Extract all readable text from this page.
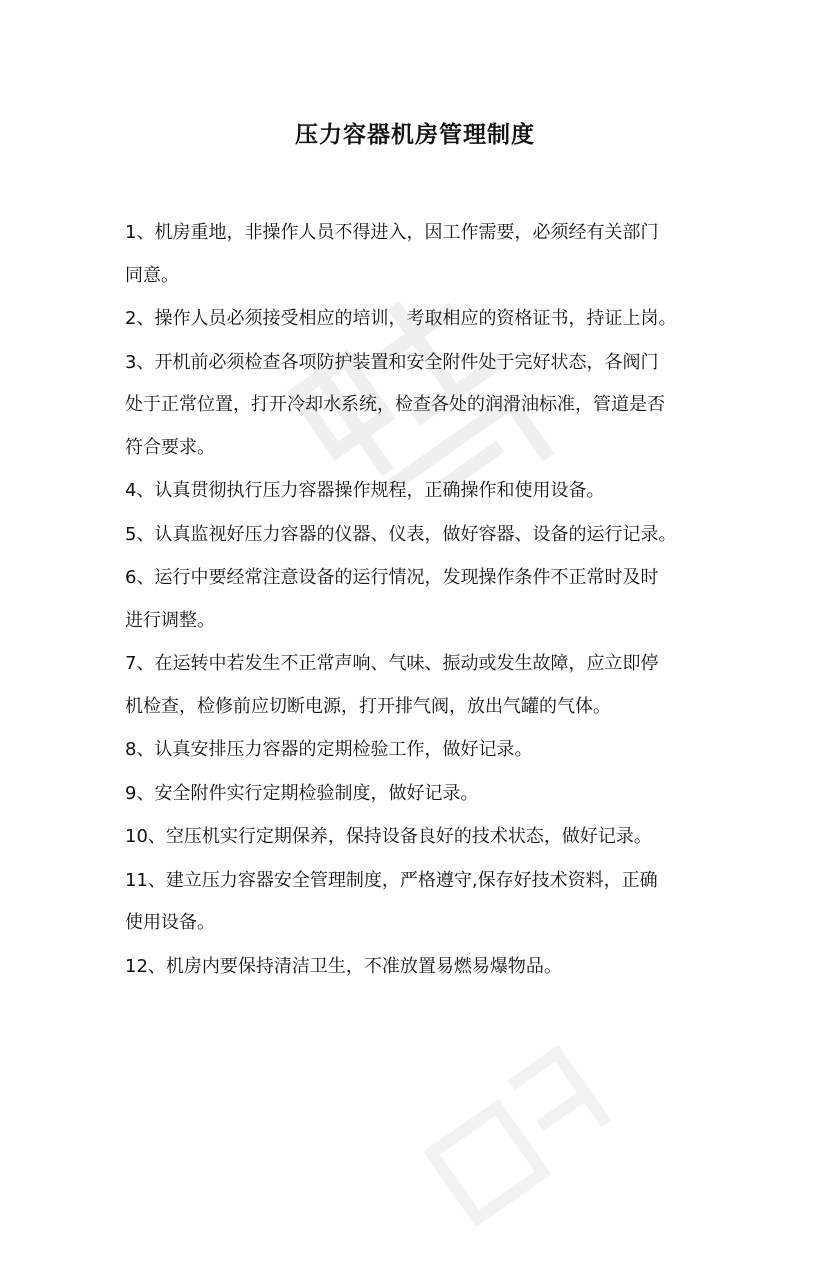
压力容器机房管理制度
1、机房重地，非操作人员不得进入，因工作需要，必须经有关部门
同意。
2、操作人员必须接受相应的培训，考取相应的资格证书，持证上岗。
3、开机前必须检查各项防护装置和安全附件处于完好状态，各阀门
处于正常位置，打开冷却水系统，检查各处的润滑油标准，管道是否
符合要求。
4、认真贯彻执行压力容器操作规程，正确操作和使用设备。
5、认真监视好压力容器的仪器、仪表，做好容器、设备的运行记录。
6、运行中要经常注意设备的运行情况，发现操作条件不正常时及时
进行调整。
7、在运转中若发生不正常声响、气味、振动或发生故障，应立即停
机检查，检修前应切断电源，打开排气阀，放出气罐的气体。
8、认真安排压力容器的定期检验工作，做好记录。
9、安全附件实行定期检验制度，做好记录。
10、空压机实行定期保养，保持设备良好的技术状态，做好记录。
11、建立压力容器安全管理制度，严格遵守,保存好技术资料，正确
使用设备。
12、机房内要保持清洁卫生，不准放置易燃易爆物品。
